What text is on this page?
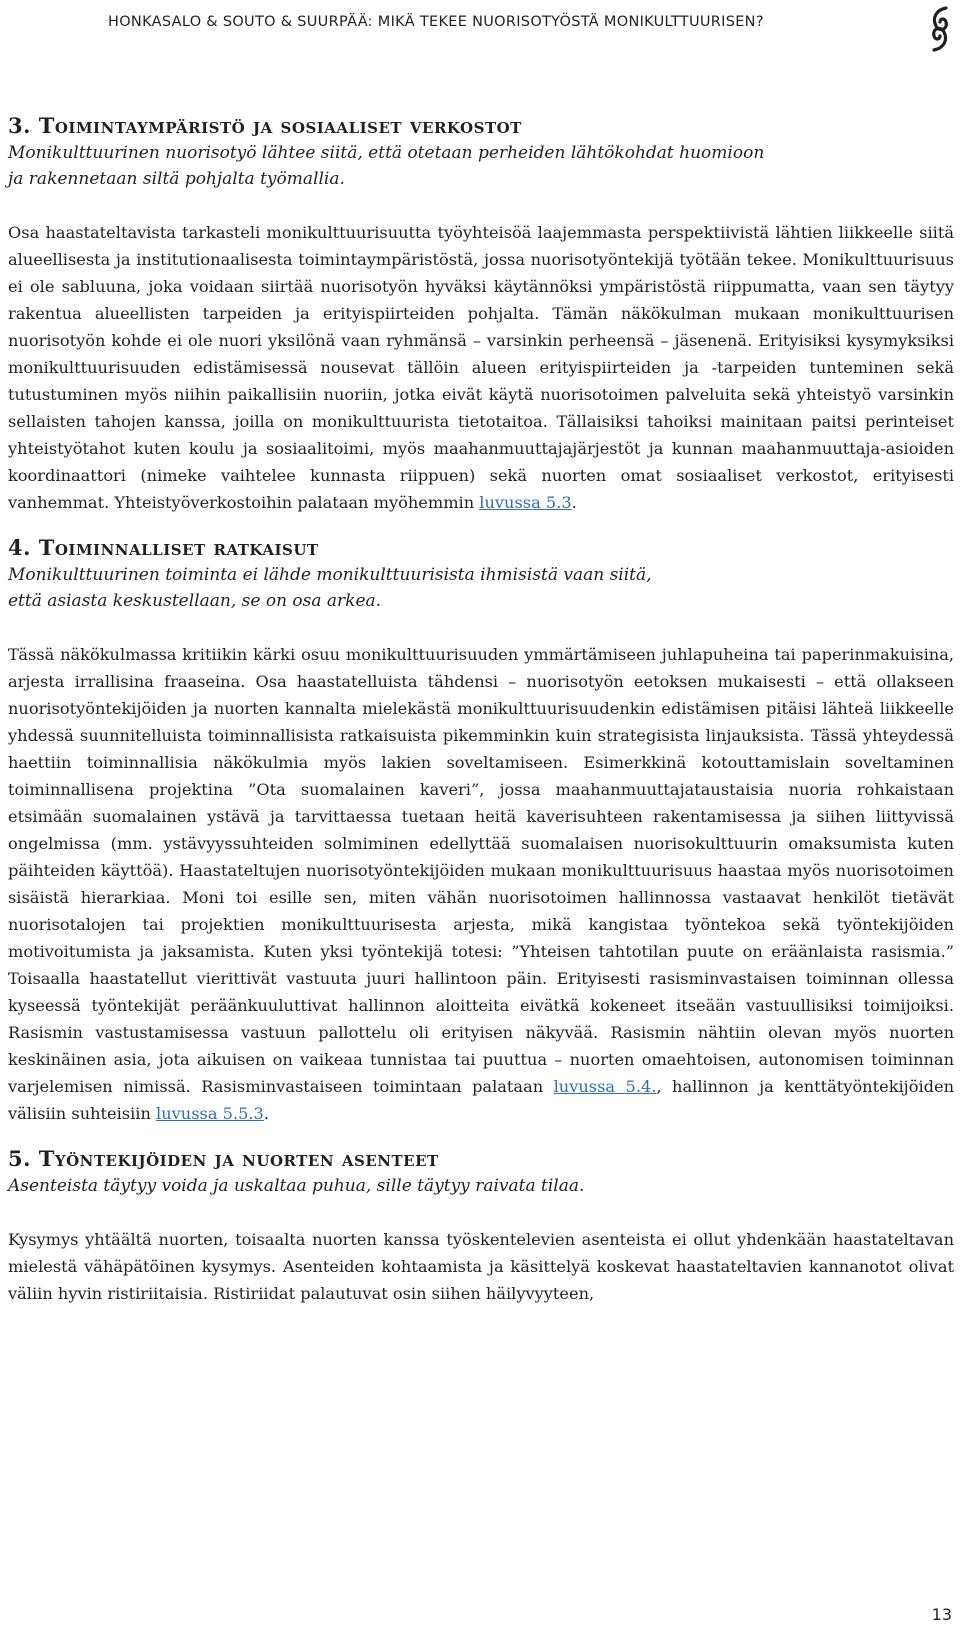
HONKASALO & SOUTO & SUURPÄÄ: MIKÄ TEKEE NUORISOTYÖSTÄ MONIKULTTUURISEN?
3. Toimintaympäristö ja sosiaaliset verkostot

Monikulttuurinen nuorisotyö lähtee siitä, että otetaan perheiden lähtökohdat huomioon
ja rakennetaan siltä pohjalta työmallia.

Osa haastateltavista tarkasteli monikulttuurisuutta työyhteisöä laajemmasta perspektiivistä lähtien liikkeelle siitä alueellisesta ja institutionaalisesta toimintaympäristöstä, jossa nuorisotyöntekijä työtään tekee. Monikulttuurisuus ei ole sabluuna, joka voidaan siirtää nuorisotyön hyväksi käytännöksi ympäristöstä riippumatta, vaan sen täytyy rakentua alueellisten tarpeiden ja erityispiirteiden pohjalta. Tämän näkökulman mukaan monikulttuurisen nuorisotyön kohde ei ole nuori yksilönä vaan ryhmänsä – varsinkin perheensä – jäsenenä. Erityisiksi kysymyksiksi monikulttuurisuuden edistämisessä nousevat tällöin alueen erityispiirteiden ja -tarpeiden tunteminen sekä tutustuminen myös niihin paikallisiin nuoriin, jotka eivät käytä nuorisotoimen palveluita sekä yhteistyö varsinkin sellaisten tahojen kanssa, joilla on monikulttuurista tietotaitoa. Tällaisiksi tahoiksi mainitaan paitsi perinteiset yhteistyötahot kuten koulu ja sosiaalitoimi, myös maahanmuuttajajärjestöt ja kunnan maahanmuuttaja-asioiden koordinaattori (nimeke vaihtelee kunnasta riippuen) sekä nuorten omat sosiaaliset verkostot, erityisesti vanhemmat. Yhteistyöverkostoihin palataan myöhemmin luvussa 5.3.

4. Toiminnalliset ratkaisut

Monikulttuurinen toiminta ei lähde monikulttuurisista ihmisistä vaan siitä,
että asiasta keskustellaan, se on osa arkea.

Tässä näkökulmassa kritiikin kärki osuu monikulttuurisuuden ymmärtämiseen juhlapuheina tai paperinmakuisina, arjesta irrallisina fraaseina. Osa haastatelluista tähdensi – nuorisotyön eetoksen mukaisesti – että ollakseen nuorisotyöntekijöiden ja nuorten kannalta mielekästä monikulttuurisuudenkin edistämisen pitäisi lähteä liikkeelle yhdessä suunnitelluista toiminnallisista ratkaisuista pikemminkin kuin strategisista linjauksista. Tässä yhteydessä haettiin toiminnallisia näkökulmia myös lakien soveltamiseen. Esimerkkinä kotouttamislain soveltaminen toiminnallisena projektina ”Ota suomalainen kaveri”, jossa maahanmuuttajataustaisia nuoria rohkaistaan etsimään suomalainen ystävä ja tarvittaessa tuetaan heitä kaverisuhteen rakentamisessa ja siihen liittyvissä ongelmissa (mm. ystävyyssuhteiden solmiminen edellyttää suomalaisen nuorisokulttuurin omaksumista kuten päihteiden käyttöä). Haastateltujen nuorisotyöntekijöiden mukaan monikulttuurisuus haastaa myös nuorisotoimen sisäistä hierarkiaa. Moni toi esille sen, miten vähän nuorisotoimen hallinnossa vastaavat henkilöt tietävät nuorisotalojen tai projektien monikulttuurisesta arjesta, mikä kangistaa työntekoa sekä työntekijöiden motivoitumista ja jaksamista. Kuten yksi työntekijä totesi: ”Yhteisen tahtotilan puute on eräänlaista rasismia.” Toisaalla haastatellut vierittivät vastuuta juuri hallintoon päin. Erityisesti rasisminvastaisen toiminnan ollessa kyseessä työntekijät peräänkuuluttivat hallinnon aloitteita eivätkä kokeneet itseään vastuullisiksi toimijoiksi. Rasismin vastustamisessa vastuun pallottelu oli erityisen näkyvää. Rasismin nähtiin olevan myös nuorten keskinäinen asia, jota aikuisen on vaikeaa tunnistaa tai puuttua – nuorten omaehtoisen, autonomisen toiminnan varjelemisen nimissä. Rasisminvastaiseen toimintaan palataan luvussa 5.4., hallinnon ja kenttätyöntekijöiden välisiin suhteisiin luvussa 5.5.3.

5. Työntekijöiden ja nuorten asenteet

Asenteista täytyy voida ja uskaltaa puhua, sille täytyy raivata tilaa.

Kysymys yhtäältä nuorten, toisaalta nuorten kanssa työskentelevien asenteista ei ollut yhdenkään haastateltavan mielestä vähäpätöinen kysymys. Asenteiden kohtaamista ja käsittelyä koskevat haastateltavien kannanotot olivat väliin hyvin ristiriitaisia. Ristiriidat palautuvat osin siihen häilyvyyteen,

13
